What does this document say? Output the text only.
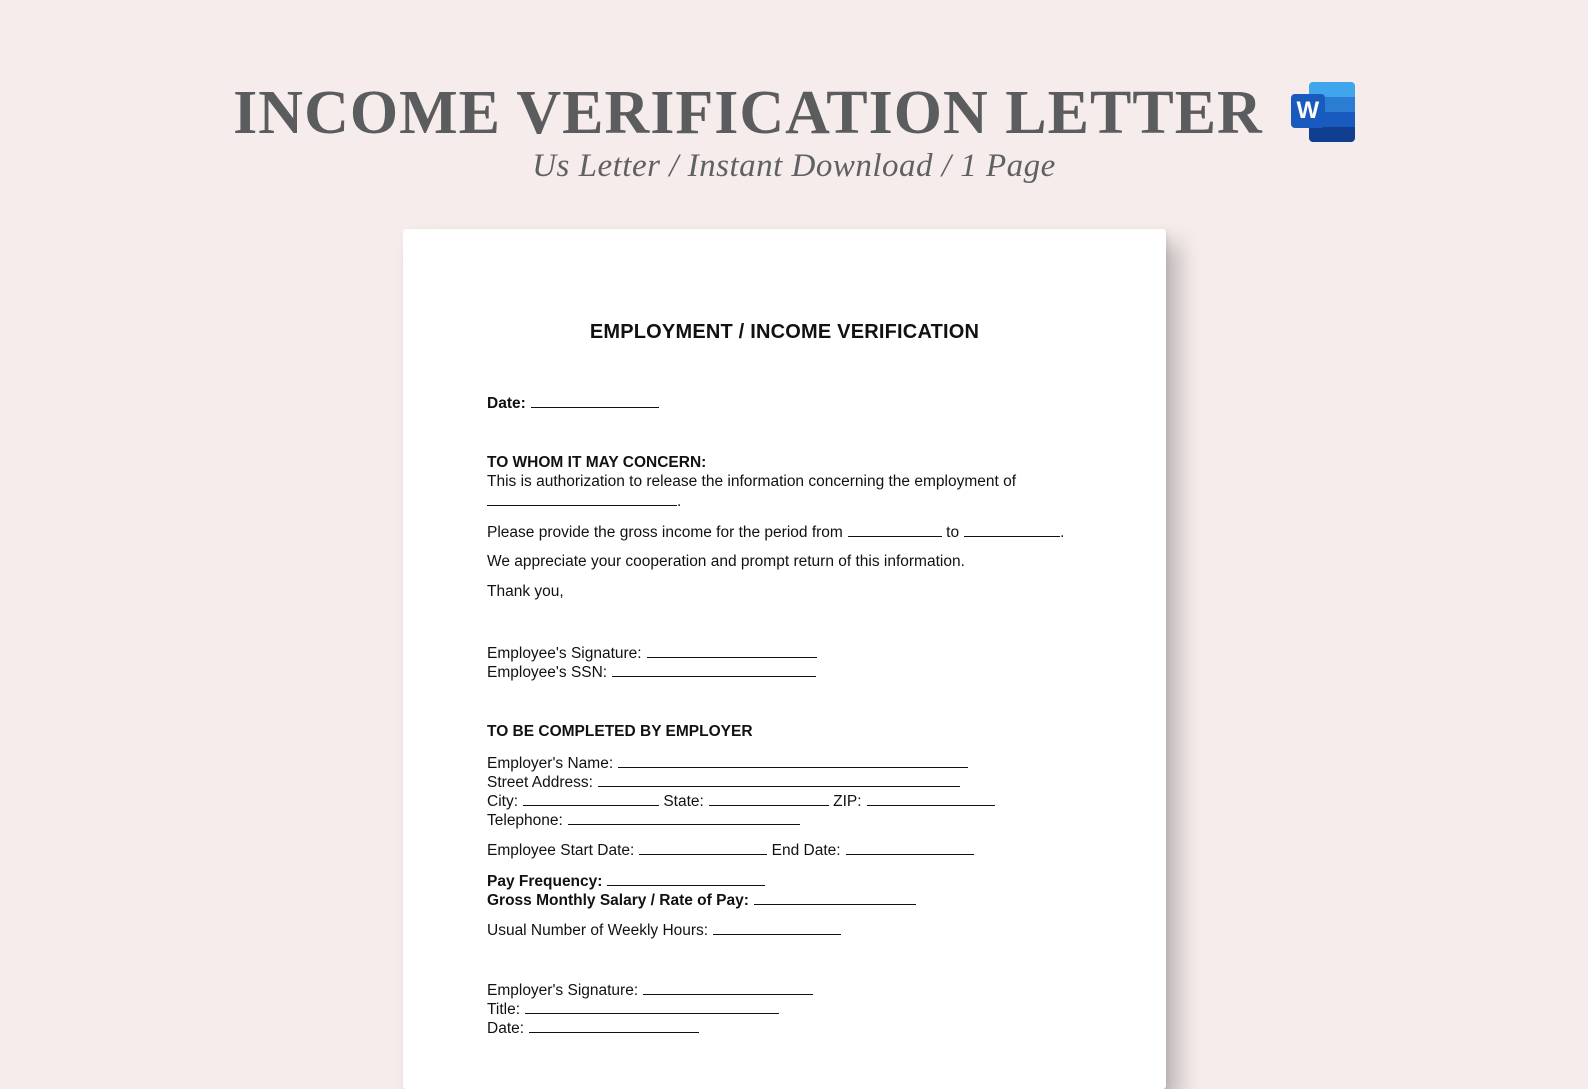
INCOME VERIFICATION LETTER W
Us Letter / Instant Download / 1 Page
EMPLOYMENT / INCOME VERIFICATION
Date:
TO WHOM IT MAY CONCERN:
This is authorization to release the information concerning the employment of
.
Please provide the gross income for the period from	to	.
We appreciate your cooperation and prompt return of this information.
Thank you,
Employee's Signature:
Employee's SSN:
TO BE COMPLETED BY EMPLOYER
Employer's Name:
Street Address:
City:	State:	ZIP:
Telephone:
Employee Start Date:	End Date:
Pay Frequency:
Gross Monthly Salary / Rate of Pay:
Usual Number of Weekly Hours:
Employer's Signature:
Title:
Date:
